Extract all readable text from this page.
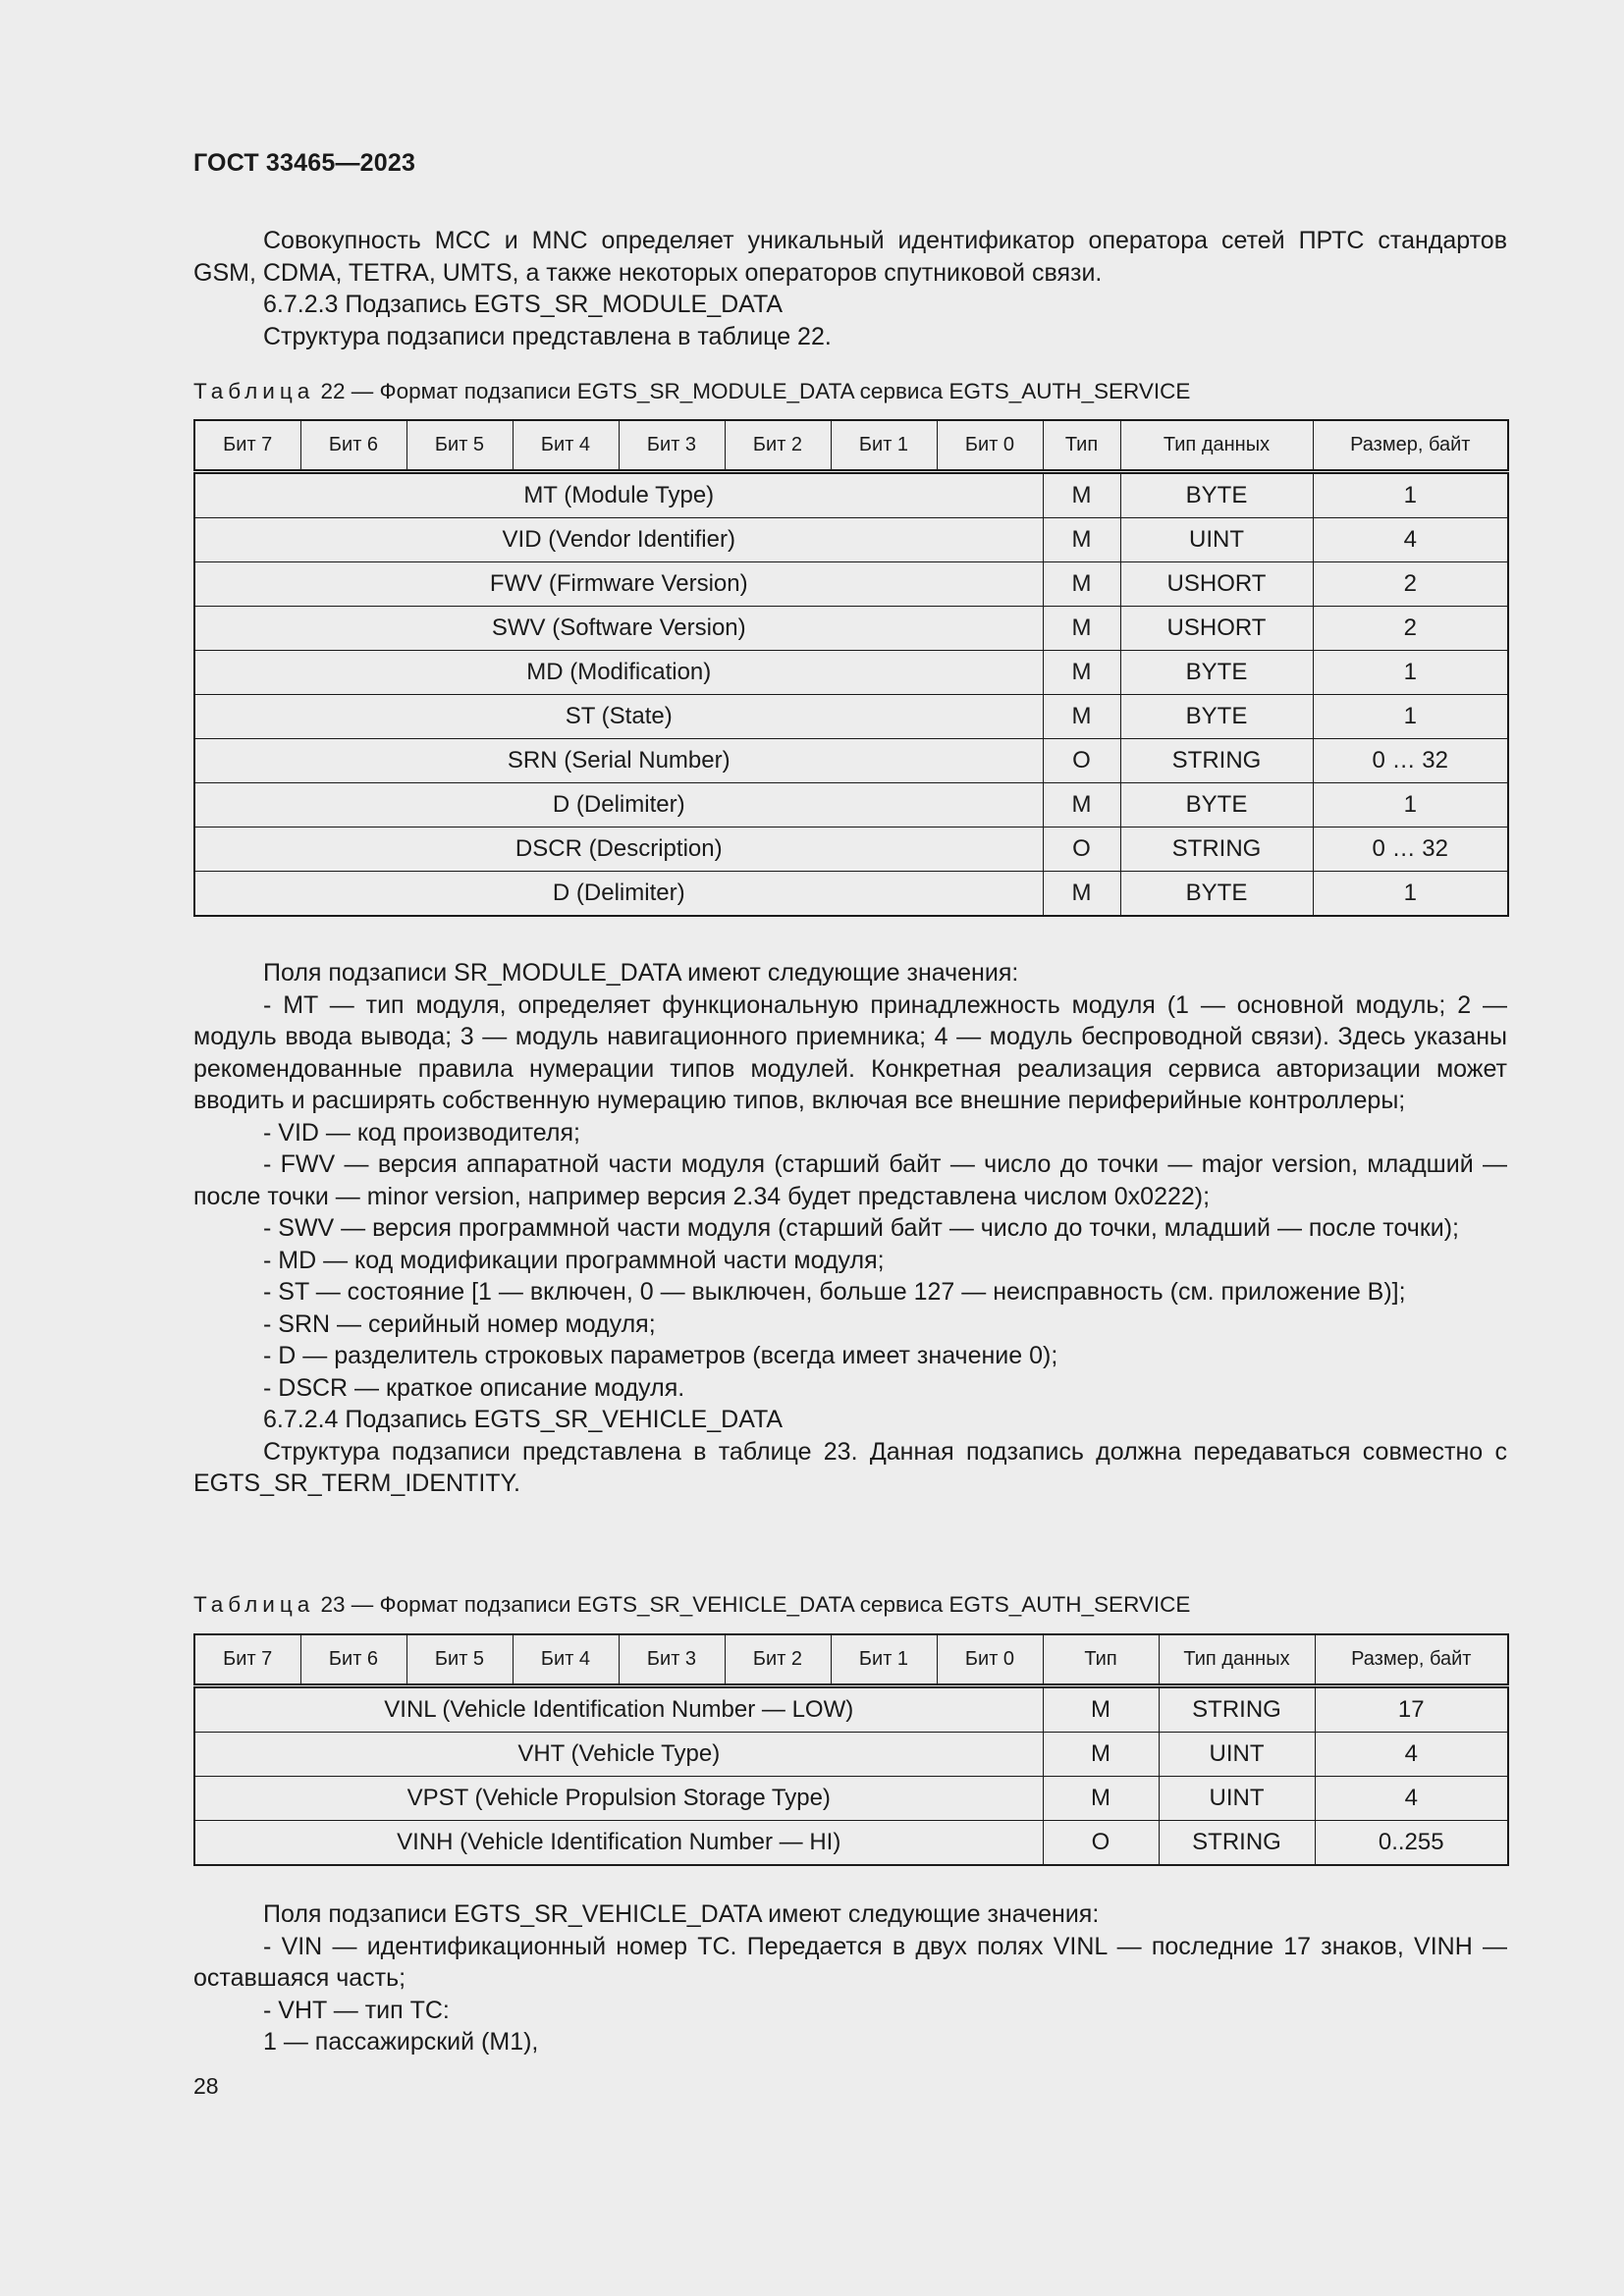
ГОСТ 33465—2023

Совокупность MCC и MNC определяет уникальный идентификатор оператора сетей ПРТС стандартов GSM, CDMA, TETRA, UMTS, а также некоторых операторов спутниковой связи.

6.7.2.3 Подзапись EGTS_SR_MODULE_DATA

Структура подзаписи представлена в таблице 22.

Таблица 22 — Формат подзаписи EGTS_SR_MODULE_DATA сервиса EGTS_AUTH_SERVICE
Бит 7	Бит 6	Бит 5	Бит 4	Бит 3	Бит 2	Бит 1	Бит 0	Тип	Тип данных	Размер, байт
MT (Module Type)								M	BYTE	1
VID (Vendor Identifier)								M	UINT	4
FWV (Firmware Version)								M	USHORT	2
SWV (Software Version)								M	USHORT	2
MD (Modification)								M	BYTE	1
ST (State)								M	BYTE	1
SRN (Serial Number)								O	STRING	0 … 32
D (Delimiter)								M	BYTE	1
DSCR (Description)								O	STRING	0 … 32
D (Delimiter)								M	BYTE	1

Поля подзаписи SR_MODULE_DATA имеют следующие значения:

- MT — тип модуля, определяет функциональную принадлежность модуля (1 — основной модуль; 2 — модуль ввода вывода; 3 — модуль навигационного приемника; 4 — модуль беспроводной связи). Здесь указаны рекомендованные правила нумерации типов модулей. Конкретная реализация сервиса авторизации может вводить и расширять собственную нумерацию типов, включая все внешние периферийные контроллеры;

- VID — код производителя;

- FWV — версия аппаратной части модуля (старший байт — число до точки — major version, младший — после точки — minor version, например версия 2.34 будет представлена числом 0x0222);

- SWV — версия программной части модуля (старший байт — число до точки, младший — после точки);

- MD — код модификации программной части модуля;

- ST — состояние [1 — включен, 0 — выключен, больше 127 — неисправность (см. приложение В)];

- SRN — серийный номер модуля;

- D — разделитель строковых параметров (всегда имеет значение 0);

- DSCR — краткое описание модуля.

6.7.2.4 Подзапись EGTS_SR_VEHICLE_DATA

Структура подзаписи представлена в таблице 23. Данная подзапись должна передаваться совместно с EGTS_SR_TERM_IDENTITY.

Таблица 23 — Формат подзаписи EGTS_SR_VEHICLE_DATA сервиса EGTS_AUTH_SERVICE
Бит 7	Бит 6	Бит 5	Бит 4	Бит 3	Бит 2	Бит 1	Бит 0	Тип	Тип данных	Размер, байт
VINL (Vehicle Identification Number — LOW)								M	STRING	17
VHT (Vehicle Type)								M	UINT	4
VPST (Vehicle Propulsion Storage Type)								M	UINT	4
VINH (Vehicle Identification Number — HI)								O	STRING	0..255

Поля подзаписи EGTS_SR_VEHICLE_DATA имеют следующие значения:

- VIN — идентификационный номер ТС. Передается в двух полях VINL — последние 17 знаков, VINH — оставшаяся часть;

- VHT — тип ТС:

1 — пассажирский (М1),

28
